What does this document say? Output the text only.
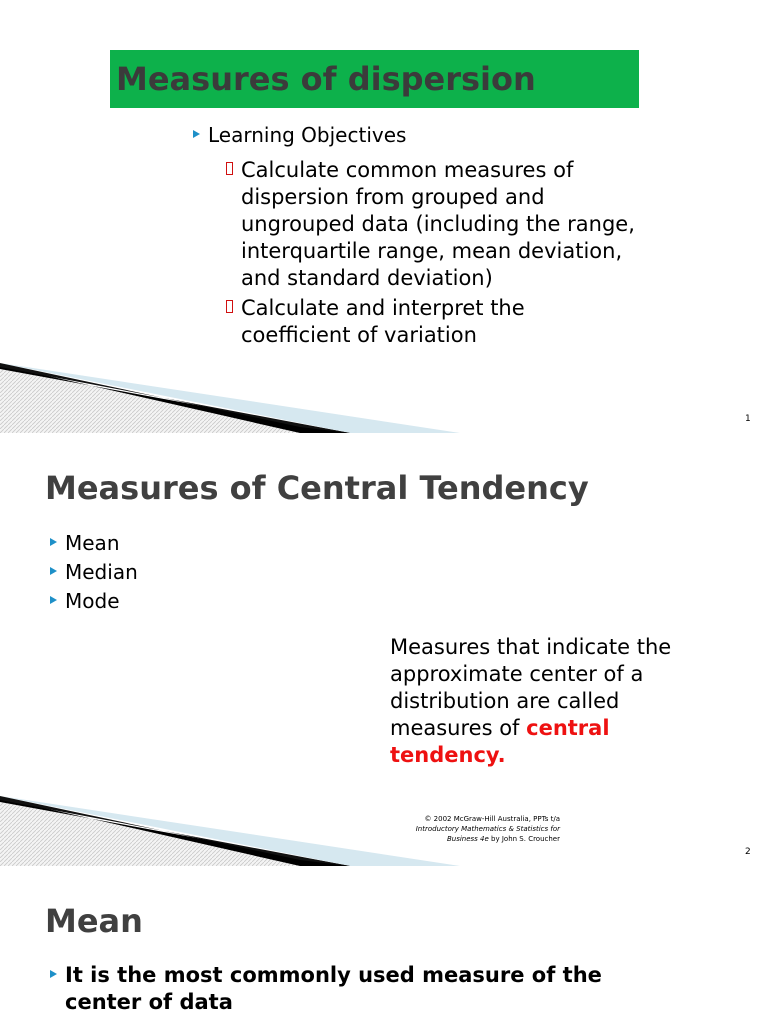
Measures of dispersion
Learning Objectives
Calculate common measures of
dispersion from grouped and
ungrouped data (including the range,
interquartile range, mean deviation,
and standard deviation)
Calculate and interpret the
coefficient of variation
1
Measures of Central Tendency
Mean
Median
Mode
Measures that indicate the
approximate center of a
distribution are called
measures of central
tendency.
© 2002 McGraw-Hill Australia, PPTs t/a
Introductory Mathematics & Statistics for
Business 4e by John S. Croucher
2
Mean
It is the most commonly used measure of the
center of data
